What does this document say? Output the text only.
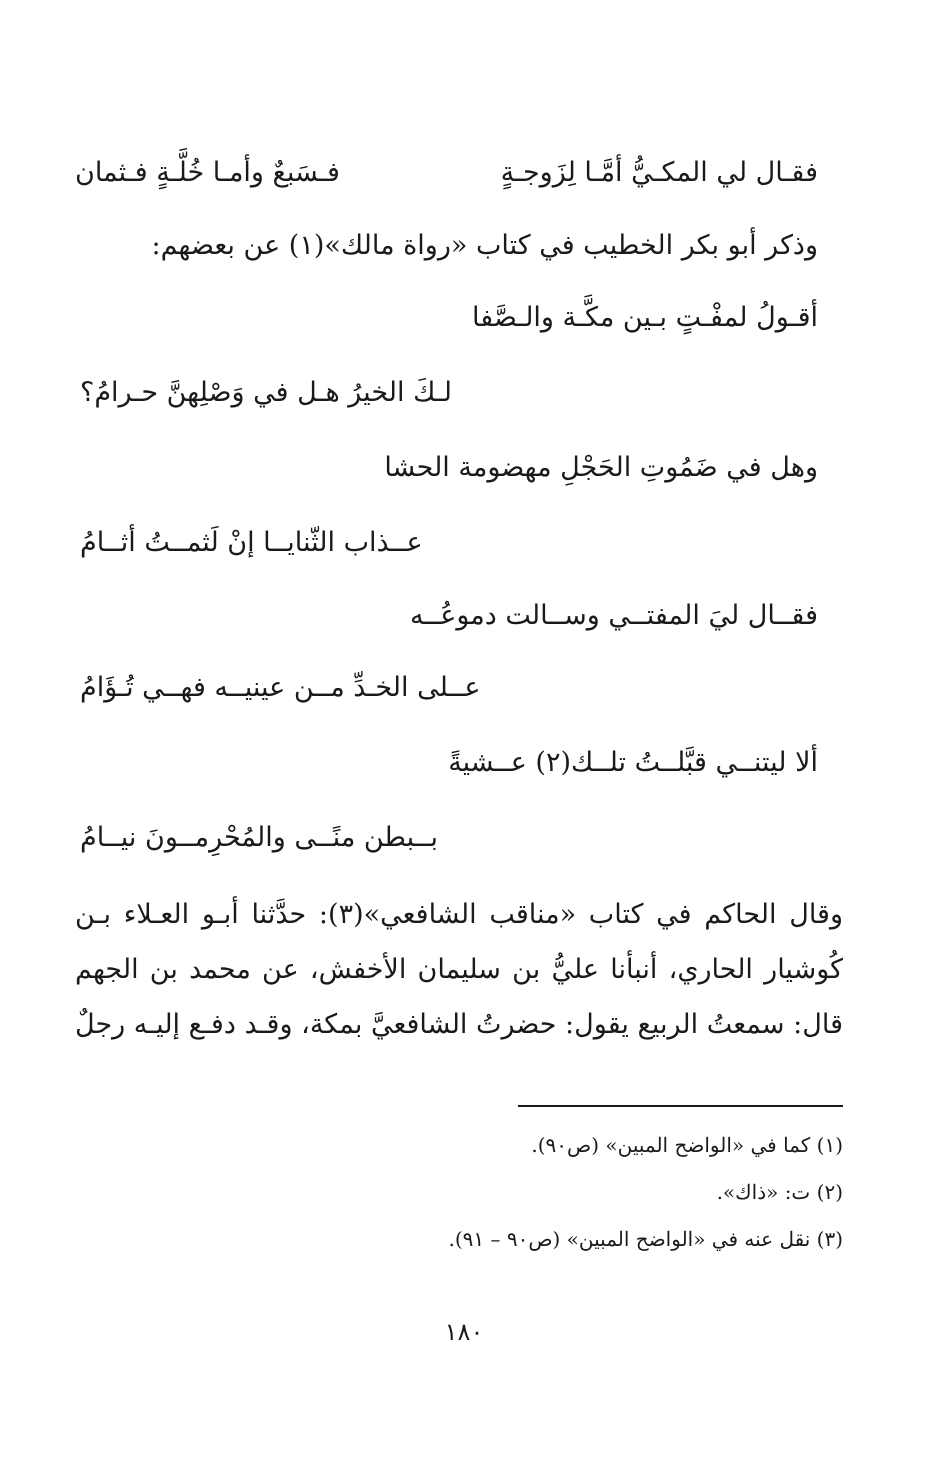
فقـال لي المكـيُّ أمَّـا لِزَوجـةٍ
فـسَبعٌ وأمـا خُلَّـةٍ فـثمان
وذكر أبو بكر الخطيب في كتاب «رواة مالك»(١) عن بعضهم:
أقـولُ لمفْـتٍ بـين مكَّـة والـصَّفا
لـكَ الخيرُ هـل في وَصْلِهنَّ حـرامُ؟
وهل في ضَمُوتِ الحَجْلِ مهضومة الحشا
عــذاب الثّنايــا إنْ لَثمــتُ أثــامُ
فقــال ليَ المفتــي وســالت دموعُــه
عــلى الخـدِّ مــن عينيــه فهــي تُـؤَامُ
ألا ليتنــي قبَّلــتُ تلــك(٢) عــشيةً
بــبطن منًــى والمُحْرِمــونَ نيــامُ
وقال الحاكم في كتاب «مناقب الشافعي»(٣): حدَّثنا أبـو العـلاء بـن
كُوشيار الحاري، أنبأنا عليُّ بن سليمان الأخفش، عن محمد بن الجهم
قال: سمعتُ الربيع يقول: حضرتُ الشافعيَّ بمكة، وقـد دفـع إليـه رجلٌ
(١) كما في «الواضح المبين» (ص٩٠).
(٢) ت: «ذاك».
(٣) نقل عنه في «الواضح المبين» (ص٩٠ – ٩١).
١٨٠
